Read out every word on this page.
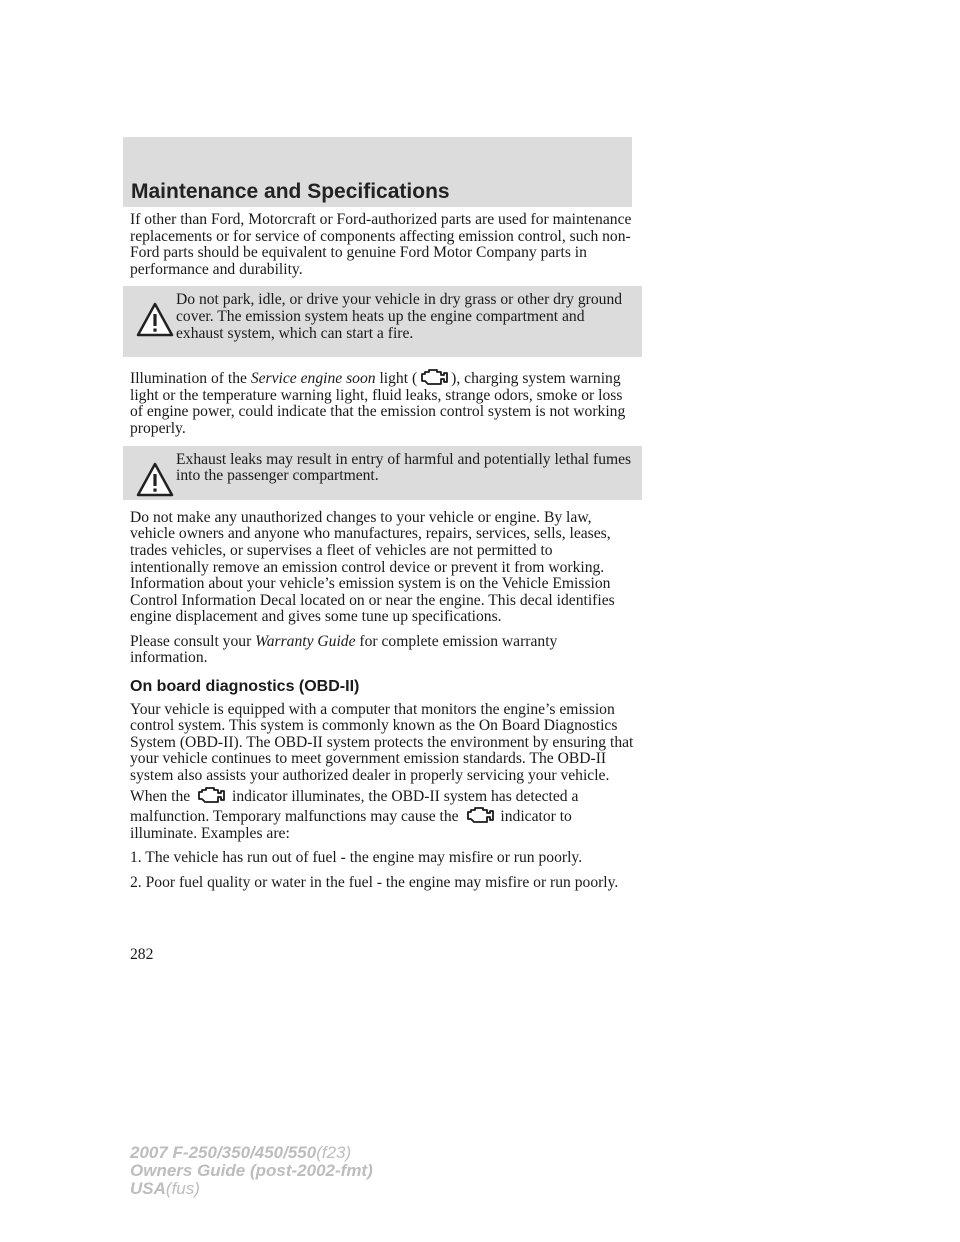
Maintenance and Specifications

If other than Ford, Motorcraft or Ford-authorized parts are used for maintenance replacements or for service of components affecting emission control, such non-Ford parts should be equivalent to genuine Ford Motor Company parts in performance and durability.

Do not park, idle, or drive your vehicle in dry grass or other dry ground cover. The emission system heats up the engine compartment and exhaust system, which can start a fire.

Illumination of the Service engine soon light ( ), charging system warning light or the temperature warning light, fluid leaks, strange odors, smoke or loss of engine power, could indicate that the emission control system is not working properly.

Exhaust leaks may result in entry of harmful and potentially lethal fumes into the passenger compartment.

Do not make any unauthorized changes to your vehicle or engine. By law, vehicle owners and anyone who manufactures, repairs, services, sells, leases, trades vehicles, or supervises a fleet of vehicles are not permitted to intentionally remove an emission control device or prevent it from working. Information about your vehicle’s emission system is on the Vehicle Emission Control Information Decal located on or near the engine. This decal identifies engine displacement and gives some tune up specifications.

Please consult your Warranty Guide for complete emission warranty information.

On board diagnostics (OBD-II)

Your vehicle is equipped with a computer that monitors the engine’s emission control system. This system is commonly known as the On Board Diagnostics System (OBD-II). The OBD-II system protects the environment by ensuring that your vehicle continues to meet government emission standards. The OBD-II system also assists your authorized dealer in properly servicing your vehicle. When the  indicator illuminates, the OBD-II system has detected a malfunction. Temporary malfunctions may cause the  indicator to illuminate. Examples are:

1. The vehicle has run out of fuel - the engine may misfire or run poorly.

2. Poor fuel quality or water in the fuel - the engine may misfire or run poorly.

282
2007 F-250/350/450/550(f23)
Owners Guide (post-2002-fmt)
USA(fus)
